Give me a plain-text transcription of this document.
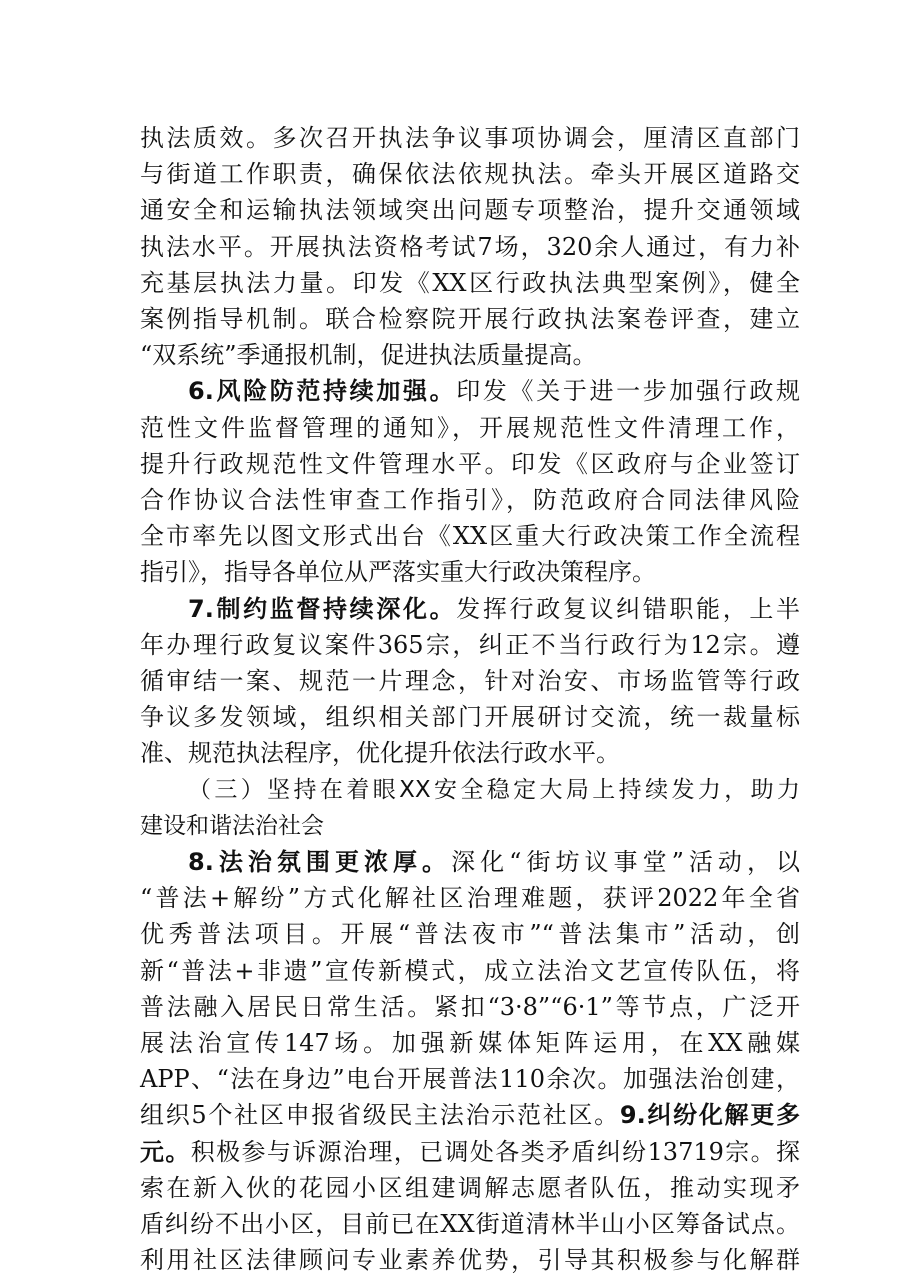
执法质效。多次召开执法争议事项协调会，厘清区直部门
与街道工作职责，确保依法依规执法。牵头开展区道路交
通安全和运输执法领域突出问题专项整治，提升交通领域
执法水平。开展执法资格考试7场，320余人通过，有力补
充基层执法力量。印发《XX区行政执法典型案例》，健全
案例指导机制。联合检察院开展行政执法案卷评查，建立
“双系统”季通报机制，促进执法质量提高。
6.风险防范持续加强。印发《关于进一步加强行政规
范性文件监督管理的通知》，开展规范性文件清理工作，
提升行政规范性文件管理水平。印发《区政府与企业签订
合作协议合法性审查工作指引》，防范政府合同法律风险
全市率先以图文形式出台《XX区重大行政决策工作全流程
指引》，指导各单位从严落实重大行政决策程序。
7.制约监督持续深化。发挥行政复议纠错职能，上半
年办理行政复议案件365宗，纠正不当行政行为12宗。遵
循审结一案、规范一片理念，针对治安、市场监管等行政
争议多发领域，组织相关部门开展研讨交流，统一裁量标
准、规范执法程序，优化提升依法行政水平。
（三）坚持在着眼XX安全稳定大局上持续发力，助力
建设和谐法治社会
8.法治氛围更浓厚。深化“街坊议事堂”活动，以
“普法+解纷”方式化解社区治理难题，获评2022年全省
优秀普法项目。开展“普法夜市”“普法集市”活动，创
新“普法+非遗”宣传新模式，成立法治文艺宣传队伍，将
普法融入居民日常生活。紧扣“3·8”“6·1”等节点，广泛开
展法治宣传147场。加强新媒体矩阵运用，在XX融媒
APP、“法在身边”电台开展普法110余次。加强法治创建，
组织5个社区申报省级民主法治示范社区。9.纠纷化解更多
元。积极参与诉源治理，已调处各类矛盾纠纷13719宗。探
索在新入伙的花园小区组建调解志愿者队伍，推动实现矛
盾纠纷不出小区，目前已在XX街道清林半山小区筹备试点。
利用社区法律顾问专业素养优势，引导其积极参与化解群
